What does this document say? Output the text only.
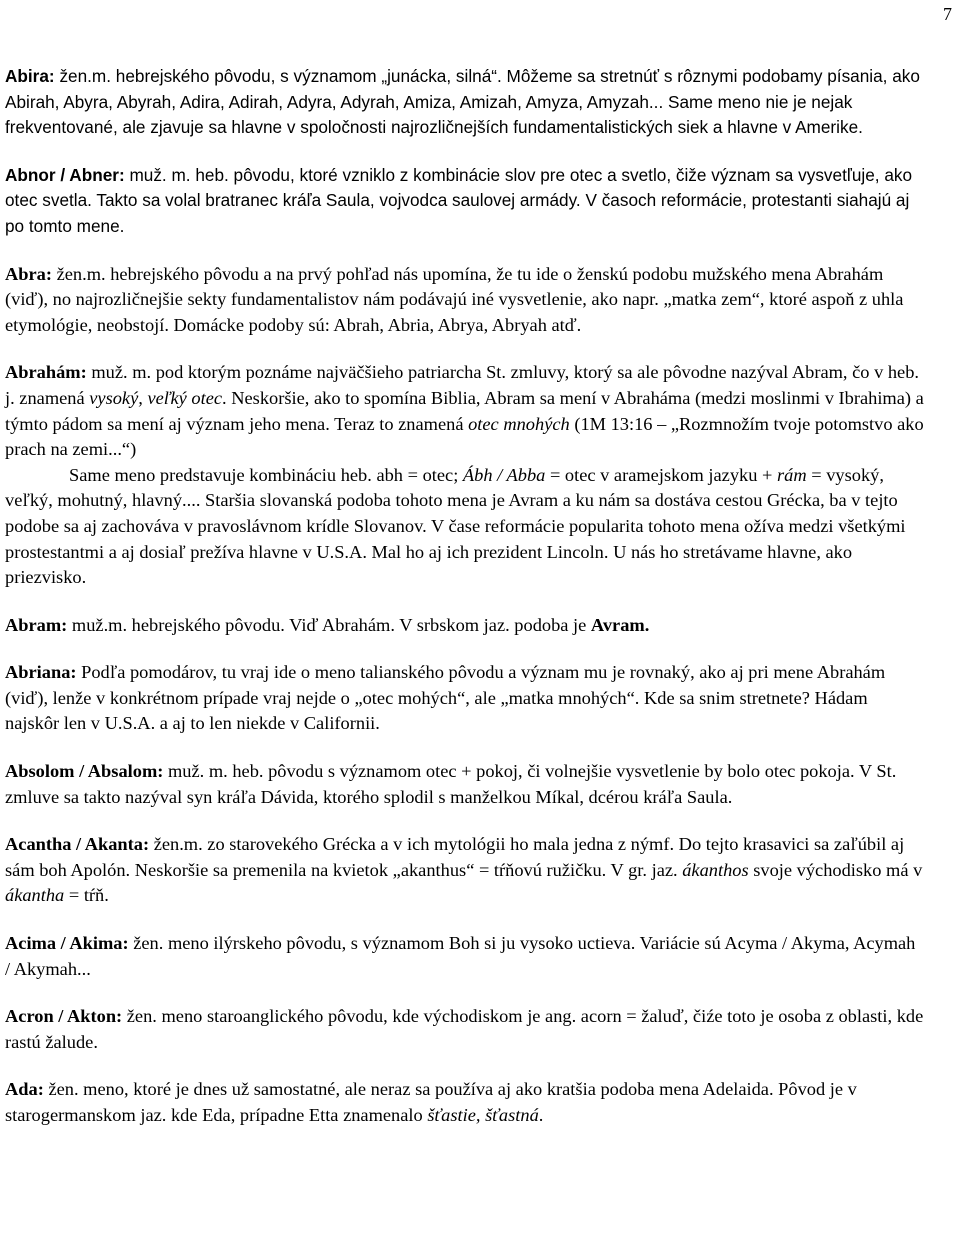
7

Abira: žen.m. hebrejského pôvodu, s významom „junácka, silná“. Môžeme sa stretnúť s rôznymi podobamy písania, ako Abirah, Abyra, Abyrah, Adira, Adirah, Adyra, Adyrah, Amiza, Amizah, Amyza, Amyzah... Same meno nie je nejak frekventované, ale zjavuje sa hlavne v spoločnosti najrozličnejších fundamentalistických siek a hlavne v Amerike.

Abnor / Abner: muž. m. heb. pôvodu, ktoré vzniklo z kombinácie slov pre otec a svetlo, čiže význam sa vysvetľuje, ako otec svetla. Takto sa volal bratranec kráľa Saula, vojvodca saulovej armády. V časoch reformácie, protestanti siahajú aj po tomto mene.

Abra: žen.m. hebrejského pôvodu a na prvý pohľad nás upomína, že tu ide o ženskú podobu mužského mena Abrahám (viď), no najrozličnejšie sekty fundamentalistov nám podávajú iné vysvetlenie, ako napr. „matka zem“, ktoré aspoň z uhla etymológie, neobstojí. Domácke podoby sú: Abrah, Abria, Abrya, Abryah atď.

Abrahám: muž. m. pod ktorým poznáme najväčšieho patriarcha St. zmluvy, ktorý sa ale pôvodne nazýval Abram, čo v heb. j. znamená vysoký, veľký otec. Neskoršie, ako to spomína Biblia, Abram sa mení v Abraháma (medzi moslinmi v Ibrahima) a týmto pádom sa mení aj význam jeho mena. Teraz to znamená otec mnohých (1M 13:16 – „Rozmnožím tvoje potomstvo ako prach na zemi...“)
Same meno predstavuje kombináciu heb. abh = otec; Ábh / Abba = otec v aramejskom jazyku + rám = vysoký, veľký, mohutný, hlavný.... Staršia slovanská podoba tohoto mena je Avram a ku nám sa dostáva cestou Grécka, ba v tejto podobe sa aj zachováva v pravoslávnom krídle Slovanov. V čase reformácie popularita tohoto mena ožíva medzi všetkými prostestantmi a aj dosiaľ prežíva hlavne v U.S.A. Mal ho aj ich prezident Lincoln. U nás ho stretávame hlavne, ako priezvisko.

Abram: muž.m. hebrejského pôvodu. Viď Abrahám. V srbskom jaz. podoba je Avram.

Abriana: Podľa pomodárov, tu vraj ide o meno talianského pôvodu a význam mu je rovnaký, ako aj pri mene Abrahám (viď), lenže v konkrétnom prípade vraj nejde o „otec mohých“, ale „matka mnohých“. Kde sa snim stretnete? Hádam najskôr len v U.S.A. a aj to len niekde v Californii.

Absolom / Absalom: muž. m. heb. pôvodu s významom otec + pokoj, či volnejšie vysvetlenie by bolo otec pokoja. V St. zmluve sa takto nazýval syn kráľa Dávida, ktorého splodil s manželkou Míkal, dcérou kráľa Saula.

Acantha / Akanta: žen.m. zo starovekého Grécka a v ich mytológii ho mala jedna z nýmf. Do tejto krasavici sa zaľúbil aj sám boh Apolón. Neskoršie sa premenila na kvietok „akanthus“ = tŕňovú ružičku. V gr. jaz. ákanthos svoje východisko má v ákantha = tŕň.

Acima / Akima: žen. meno ilýrskeho pôvodu, s významom Boh si ju vysoko uctieva. Variácie sú Acyma / Akyma, Acymah / Akymah...

Acron / Akton: žen. meno staroanglického pôvodu, kde východiskom je ang. acorn = žaluď, čiźe toto je osoba z oblasti, kde rastú žalude.

Ada: žen. meno, ktoré je dnes už samostatné, ale neraz sa používa aj ako kratšia podoba mena Adelaida. Pôvod je v starogermanskom jaz. kde Eda, prípadne Etta znamenalo šťastie, šťastná.
